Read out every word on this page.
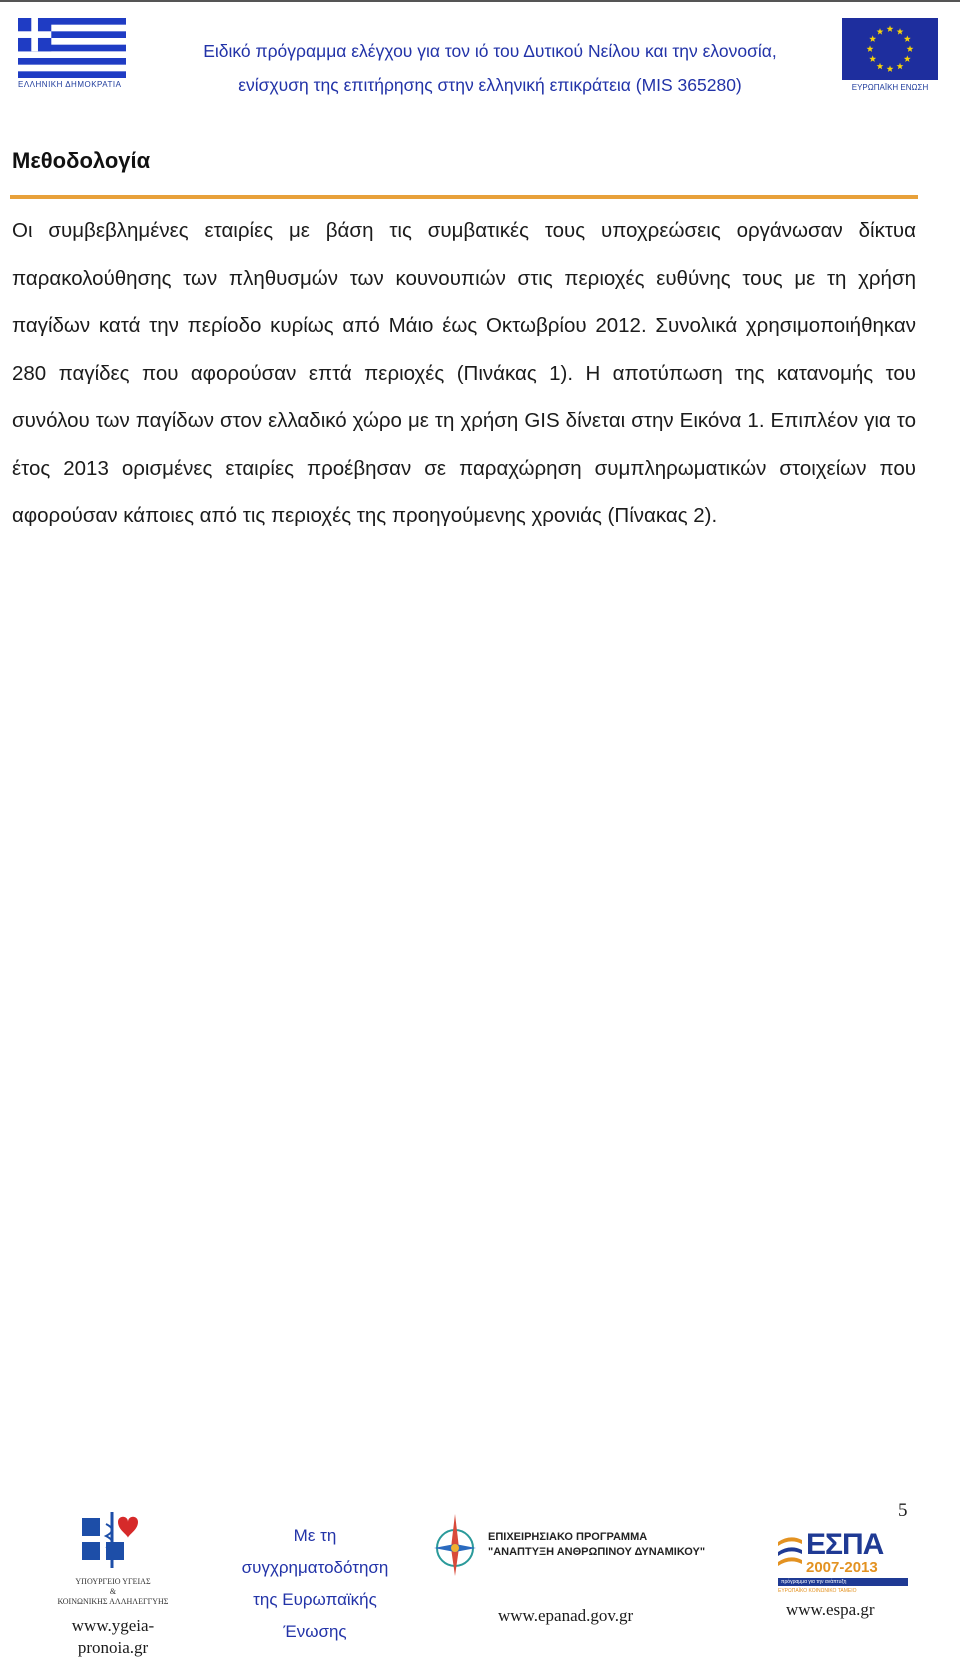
ΕΛΛΗΝΙΚΗ ΔΗΜΟΚΡΑΤΙΑ
Ειδικό πρόγραμμα ελέγχου για τον ιό του Δυτικού Νείλου και την ελονοσία,
ενίσχυση της επιτήρησης στην ελληνική επικράτεια (MIS 365280)	ΕΥΡΩΠΑΪΚΗ ΕΝΩΣΗ
Μεθοδολογία
Οι συμβεβλημένες εταιρίες με βάση τις συμβατικές τους υποχρεώσεις οργάνωσαν δίκτυα παρακολούθησης των πληθυσμών των κουνουπιών στις περιοχές ευθύνης τους με τη χρήση παγίδων κατά την περίοδο κυρίως από Μάιο έως Οκτωβρίου 2012. Συνολικά χρησιμοποιήθηκαν 280 παγίδες που αφορούσαν επτά περιοχές (Πινάκας 1). Η αποτύπωση της κατανομής του συνόλου των παγίδων στον ελλαδικό χώρο με τη χρήση GIS δίνεται στην Εικόνα 1. Επιπλέον για το έτος 2013 ορισμένες εταιρίες προέβησαν σε παραχώρηση συμπληρωματικών στοιχείων που αφορούσαν κάποιες από τις περιοχές της προηγούμενης χρονιάς (Πίνακας 2).
5
ΥΠΟΥΡΓΕΙΟ ΥΓΕΙΑΣ
&
ΚΟΙΝΩΝΙΚΗΣ ΑΛΛΗΛΕΓΓΥΗΣ
www.ygeia-
pronoia.gr
Με τη
συγχρηματοδότηση
της Ευρωπαϊκής
Ένωσης
ΕΠΙΧΕΙΡΗΣΙΑΚΟ ΠΡΟΓΡΑΜΜΑ
"ΑΝΑΠΤΥΞΗ ΑΝΘΡΩΠΙΝΟΥ ΔΥΝΑΜΙΚΟΥ"
www.epanad.gov.gr
ΕΣΠΑ
2007-2013
πρόγραμμα για την ανάπτυξη
ΕΥΡΩΠΑΪΚΟ ΚΟΙΝΩΝΙΚΟ ΤΑΜΕΙΟ
www.espa.gr
